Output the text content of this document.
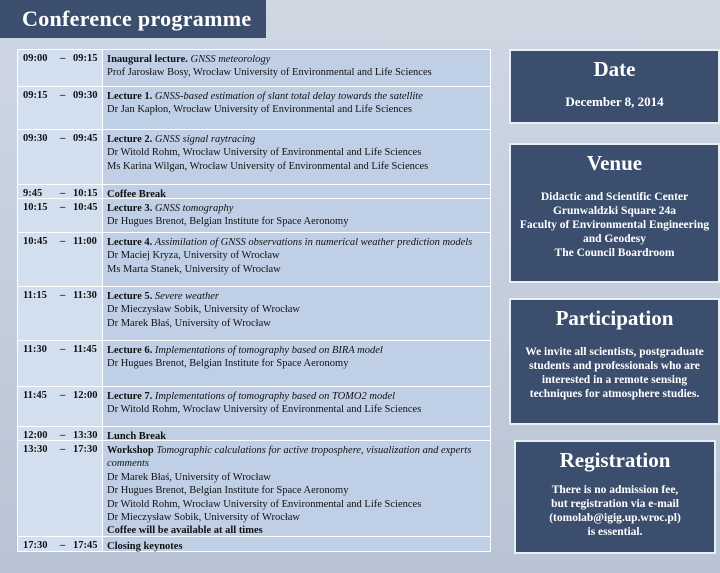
Conference programme
09:00 – 09:15 Inaugural lecture. GNSS meteorology
Prof Jarosław Bosy, Wrocław University of Environmental and Life Sciences
09:15 – 09:30 Lecture 1. GNSS-based estimation of slant total delay towards the satellite
Dr Jan Kapłon, Wrocław University of Environmental and Life Sciences
09:30 – 09:45 Lecture 2. GNSS signal raytracing
Dr Witold Rohm, Wrocław University of Environmental and Life Sciences
Ms Karina Wilgan, Wrocław University of Environmental and Life Sciences
9:45 – 10:15 Coffee Break
10:15 – 10:45 Lecture 3. GNSS tomography
Dr Hugues Brenot, Belgian Institute for Space Aeronomy
10:45 – 11:00 Lecture 4. Assimilation of GNSS observations in numerical weather prediction models
Dr Maciej Kryza, University of Wrocław
Ms Marta Stanek, University of Wrocław
11:15 – 11:30 Lecture 5. Severe weather
Dr Mieczysław Sobik, University of Wrocław
Dr Marek Błaś, University of Wrocław
11:30 – 11:45 Lecture 6. Implementations of tomography based on BIRA model
Dr Hugues Brenot, Belgian Institute for Space Aeronomy
11:45 – 12:00 Lecture 7. Implementations of tomography based on TOMO2 model
Dr Witold Rohm, Wrocław University of Environmental and Life Sciences
12:00 – 13:30 Lunch Break
13:30 – 17:30 Workshop Tomographic calculations for active troposphere, visualization and experts comments
Dr Marek Błaś, University of Wrocław
Dr Hugues Brenot, Belgian Institute for Space Aeronomy
Dr Witold Rohm, Wrocław University of Environmental and Life Sciences
Dr Mieczysław Sobik, University of Wrocław
Coffee will be available at all times
17:30 – 17:45 Closing keynotes
Date
December 8, 2014
Venue
Didactic and Scientific Center
Grunwaldzki Square 24a
Faculty of Environmental Engineering
and Geodesy
The Council Boardroom
Participation
We invite all scientists, postgraduate
students and professionals who are
interested in a remote sensing
techniques for atmosphere studies.
Registration
There is no admission fee,
but registration via e-mail
(tomolab@igig.up.wroc.pl)
is essential.
